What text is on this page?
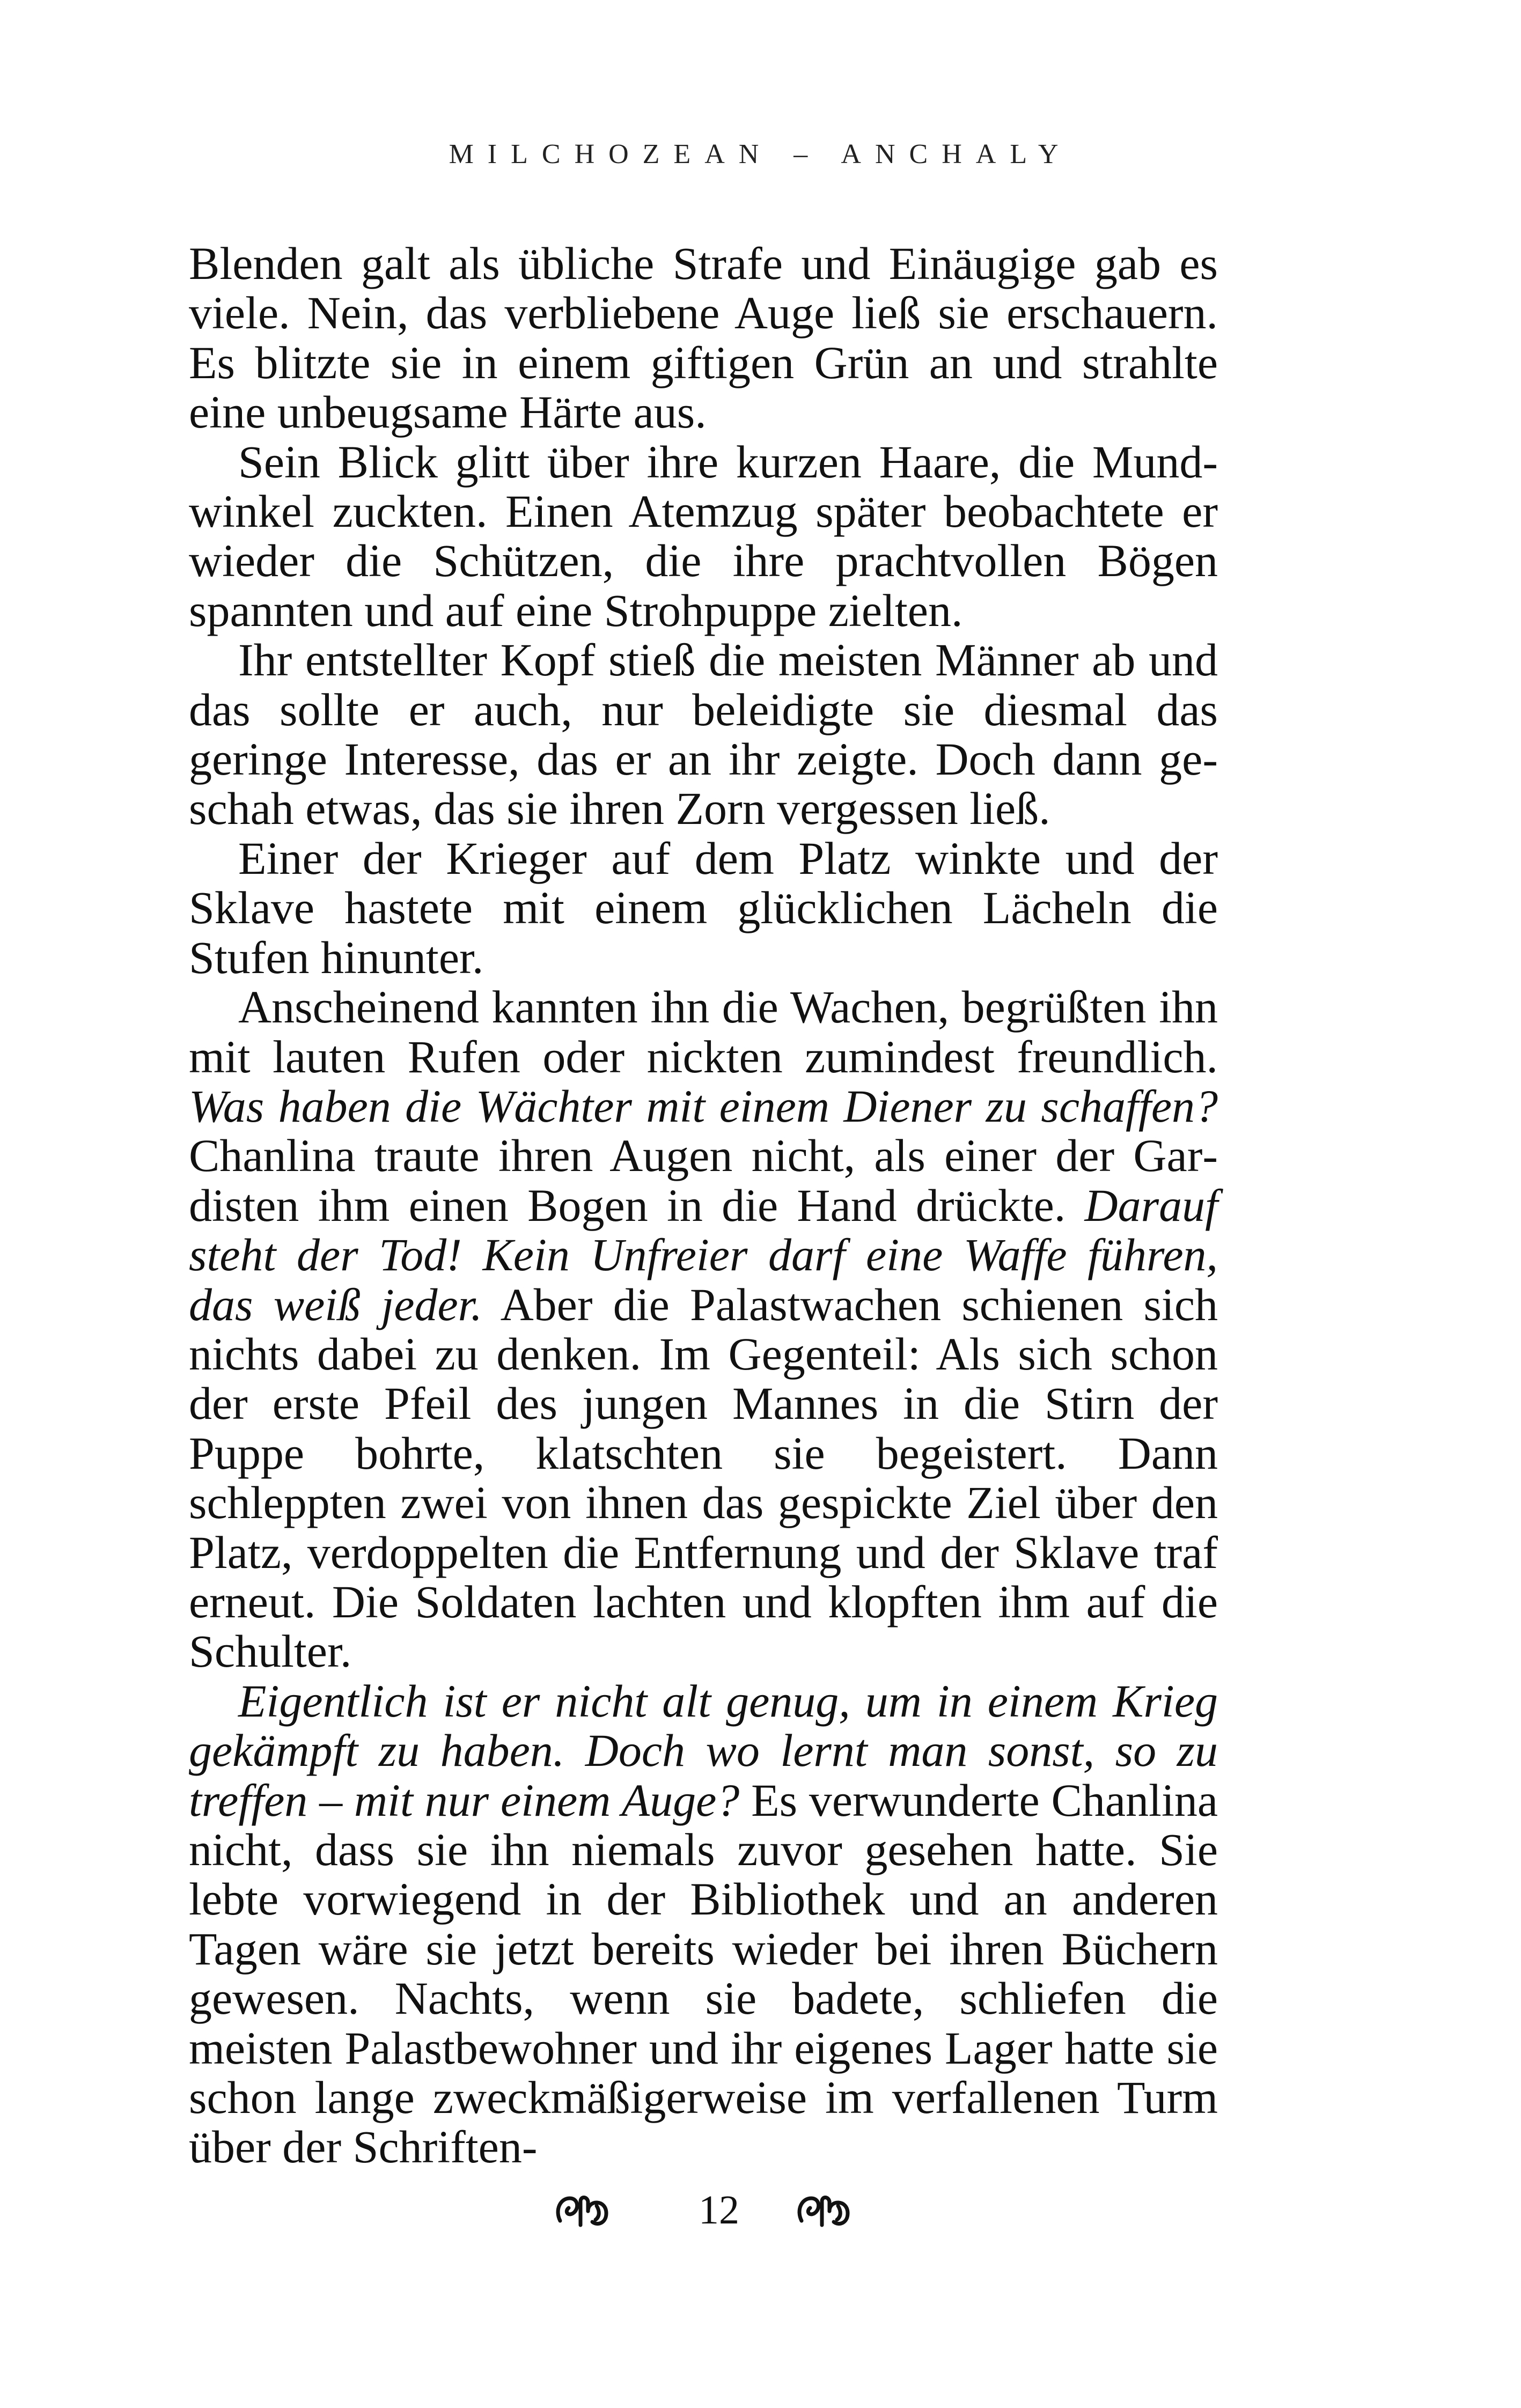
MILCHOZEAN – ANCHALY

Blenden galt als übliche Strafe und Einäugige gab es viele. Nein, das verbliebene Auge ließ sie erschauern. Es blitzte sie in einem giftigen Grün an und strahlte eine unbeugsame Härte aus.

Sein Blick glitt über ihre kurzen Haare, die Mundwinkel zuckten. Einen Atemzug später beobachtete er wieder die Schützen, die ihre prachtvollen Bögen spannten und auf eine Strohpuppe zielten.

Ihr entstellter Kopf stieß die meisten Männer ab und das sollte er auch, nur beleidigte sie diesmal das geringe Interesse, das er an ihr zeigte. Doch dann geschah etwas, das sie ihren Zorn vergessen ließ.

Einer der Krieger auf dem Platz winkte und der Sklave hastete mit einem glücklichen Lächeln die Stufen hinunter.

Anscheinend kannten ihn die Wachen, begrüßten ihn mit lauten Rufen oder nickten zumindest freundlich. Was haben die Wächter mit einem Diener zu schaffen? Chanlina traute ihren Augen nicht, als einer der Gardisten ihm einen Bogen in die Hand drückte. Darauf steht der Tod! Kein Unfreier darf eine Waffe führen, das weiß jeder. Aber die Palastwachen schienen sich nichts dabei zu denken. Im Gegenteil: Als sich schon der erste Pfeil des jungen Mannes in die Stirn der Puppe bohrte, klatschten sie begeistert. Dann schleppten zwei von ihnen das gespickte Ziel über den Platz, verdoppelten die Entfernung und der Sklave traf erneut. Die Soldaten lachten und klopften ihm auf die Schulter.

Eigentlich ist er nicht alt genug, um in einem Krieg gekämpft zu haben. Doch wo lernt man sonst, so zu treffen – mit nur einem Auge? Es verwunderte Chanlina nicht, dass sie ihn niemals zuvor gesehen hatte. Sie lebte vorwiegend in der Bibliothek und an anderen Tagen wäre sie jetzt bereits wieder bei ihren Büchern gewesen. Nachts, wenn sie badete, schliefen die meisten Palastbewohner und ihr eigenes Lager hatte sie schon lange zweckmäßigerweise im verfallenen Turm über der Schriften-

12
